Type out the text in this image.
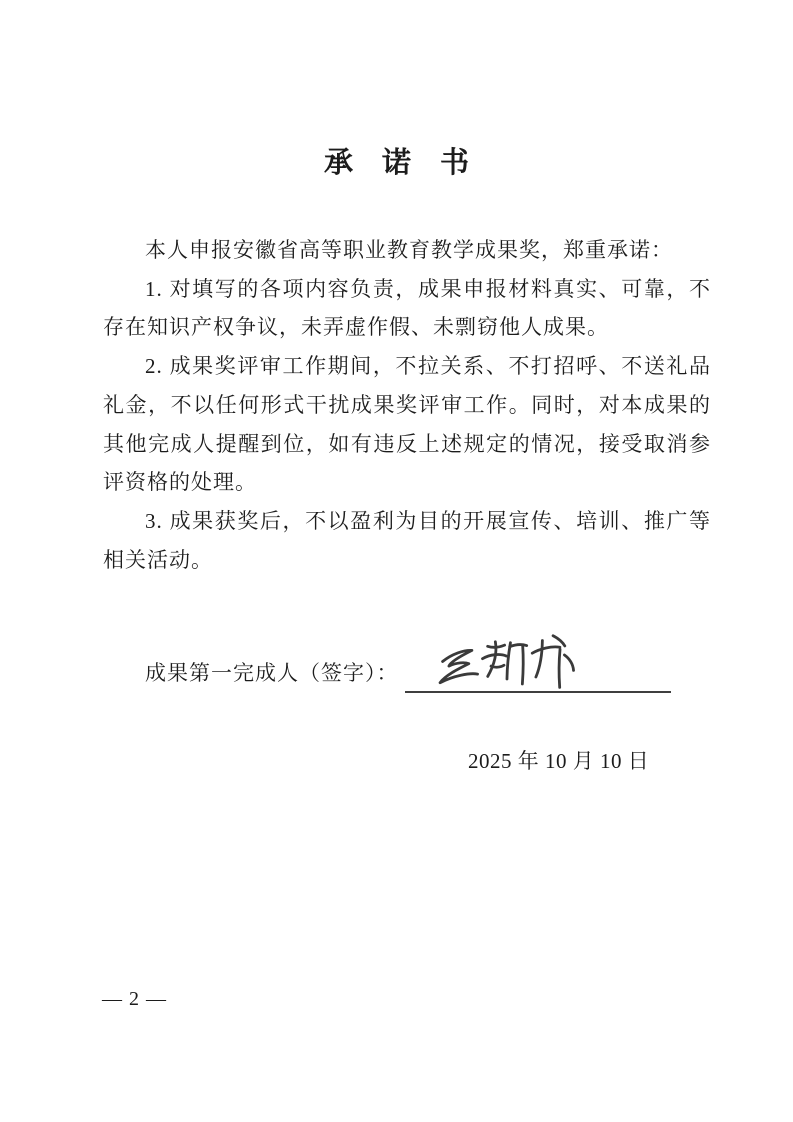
承　诺　书

本人申报安徽省高等职业教育教学成果奖，郑重承诺：

1. 对填写的各项内容负责，成果申报材料真实、可靠，不存在知识产权争议，未弄虚作假、未剽窃他人成果。

2. 成果奖评审工作期间，不拉关系、不打招呼、不送礼品礼金，不以任何形式干扰成果奖评审工作。同时，对本成果的其他完成人提醒到位，如有违反上述规定的情况，接受取消参评资格的处理。

3. 成果获奖后，不以盈利为目的开展宣传、培训、推广等相关活动。

成果第一完成人（签字）：
2025 年 10 月 10 日
— 2 —
